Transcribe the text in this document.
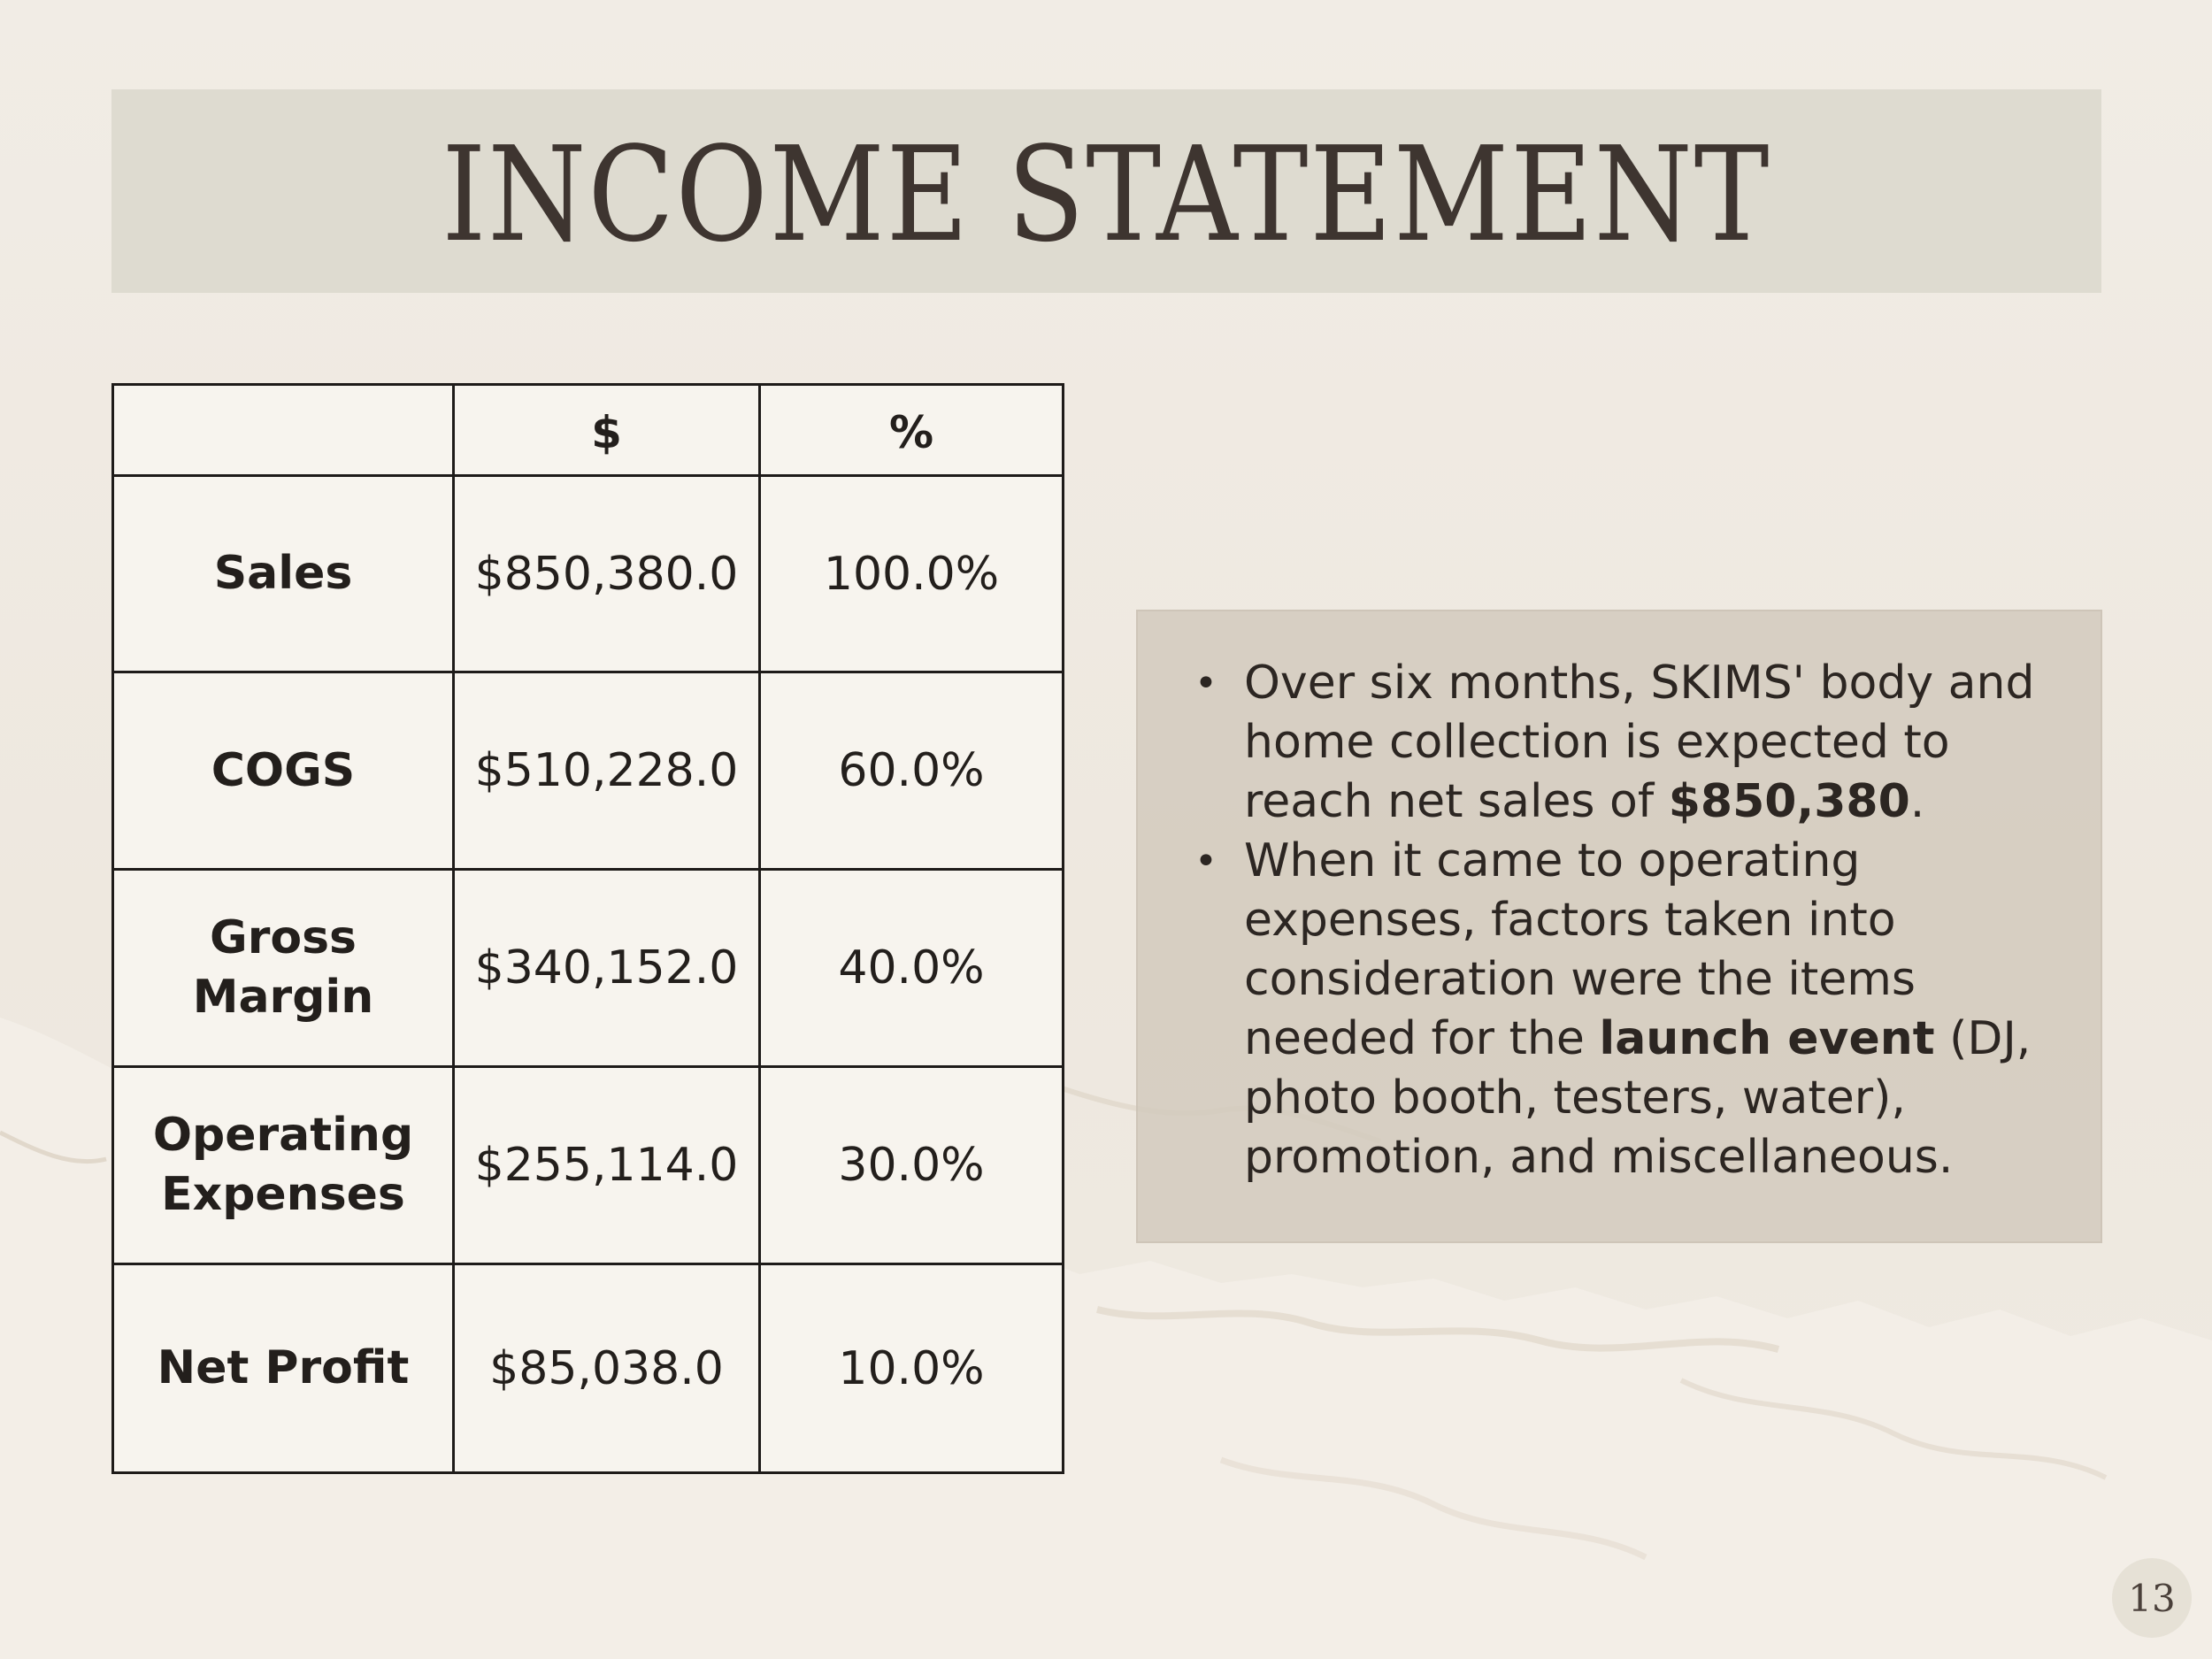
INCOME STATEMENT
	$	%
Sales	$850,380.0	100.0%
COGS	$510,228.0	60.0%
Gross
Margin	$340,152.0	40.0%
Operating
Expenses	$255,114.0	30.0%
Net Profit	$85,038.0	10.0%
• Over six months, SKIMS' body and home collection is expected to reach net sales of $850,380.
• When it came to operating expenses, factors taken into consideration were the items needed for the launch event (DJ, photo booth, testers, water), promotion, and miscellaneous.
13
